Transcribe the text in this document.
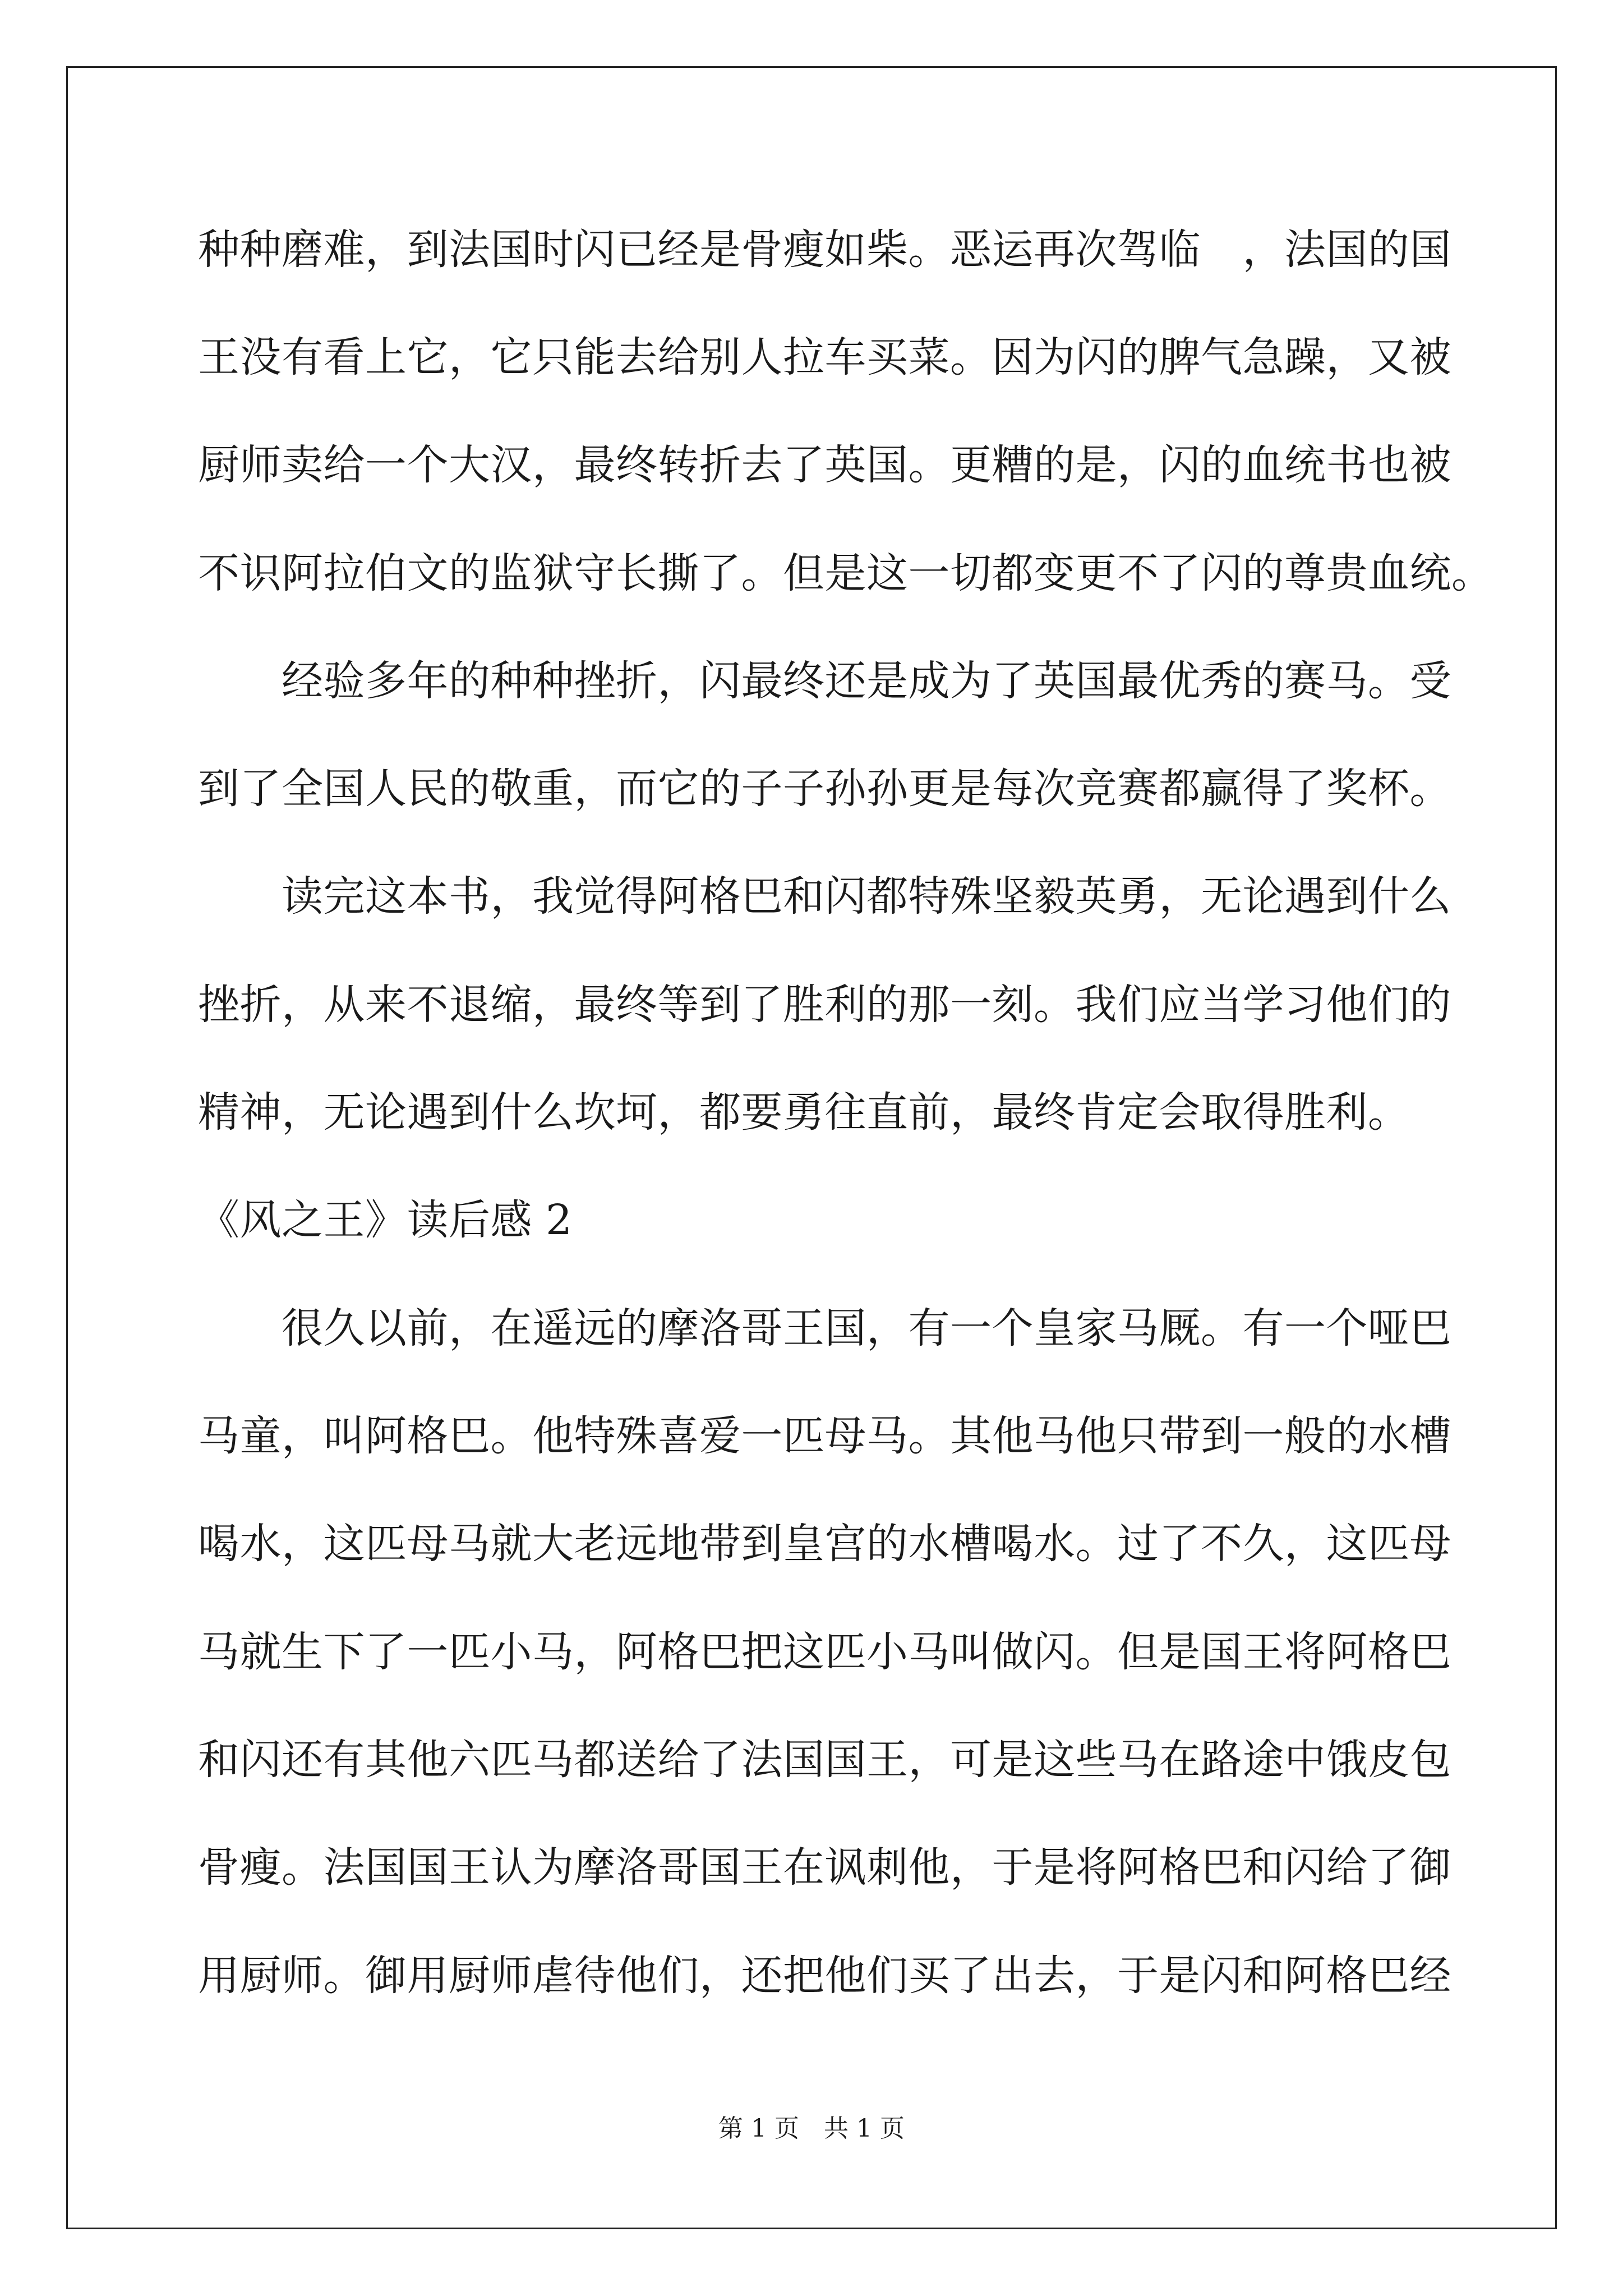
种种磨难，到法国时闪已经是骨瘦如柴。恶运再次驾临　，法国的国
王没有看上它，它只能去给别人拉车买菜。因为闪的脾气急躁，又被
厨师卖给一个大汉，最终转折去了英国。更糟的是，闪的血统书也被
不识阿拉伯文的监狱守长撕了。但是这一切都变更不了闪的尊贵血统。
　　经验多年的种种挫折，闪最终还是成为了英国最优秀的赛马。受
到了全国人民的敬重，而它的子子孙孙更是每次竞赛都赢得了奖杯。
　　读完这本书，我觉得阿格巴和闪都特殊坚毅英勇，无论遇到什么
挫折，从来不退缩，最终等到了胜利的那一刻。我们应当学习他们的
精神，无论遇到什么坎坷，都要勇往直前，最终肯定会取得胜利。
《风之王》读后感 2
　　很久以前，在遥远的摩洛哥王国，有一个皇家马厩。有一个哑巴
马童，叫阿格巴。他特殊喜爱一匹母马。其他马他只带到一般的水槽
喝水，这匹母马就大老远地带到皇宫的水槽喝水。过了不久，这匹母
马就生下了一匹小马，阿格巴把这匹小马叫做闪。但是国王将阿格巴
和闪还有其他六匹马都送给了法国国王，可是这些马在路途中饿皮包
骨瘦。法国国王认为摩洛哥国王在讽刺他，于是将阿格巴和闪给了御
用厨师。御用厨师虐待他们，还把他们买了出去，于是闪和阿格巴经
第 1 页　共 1 页
